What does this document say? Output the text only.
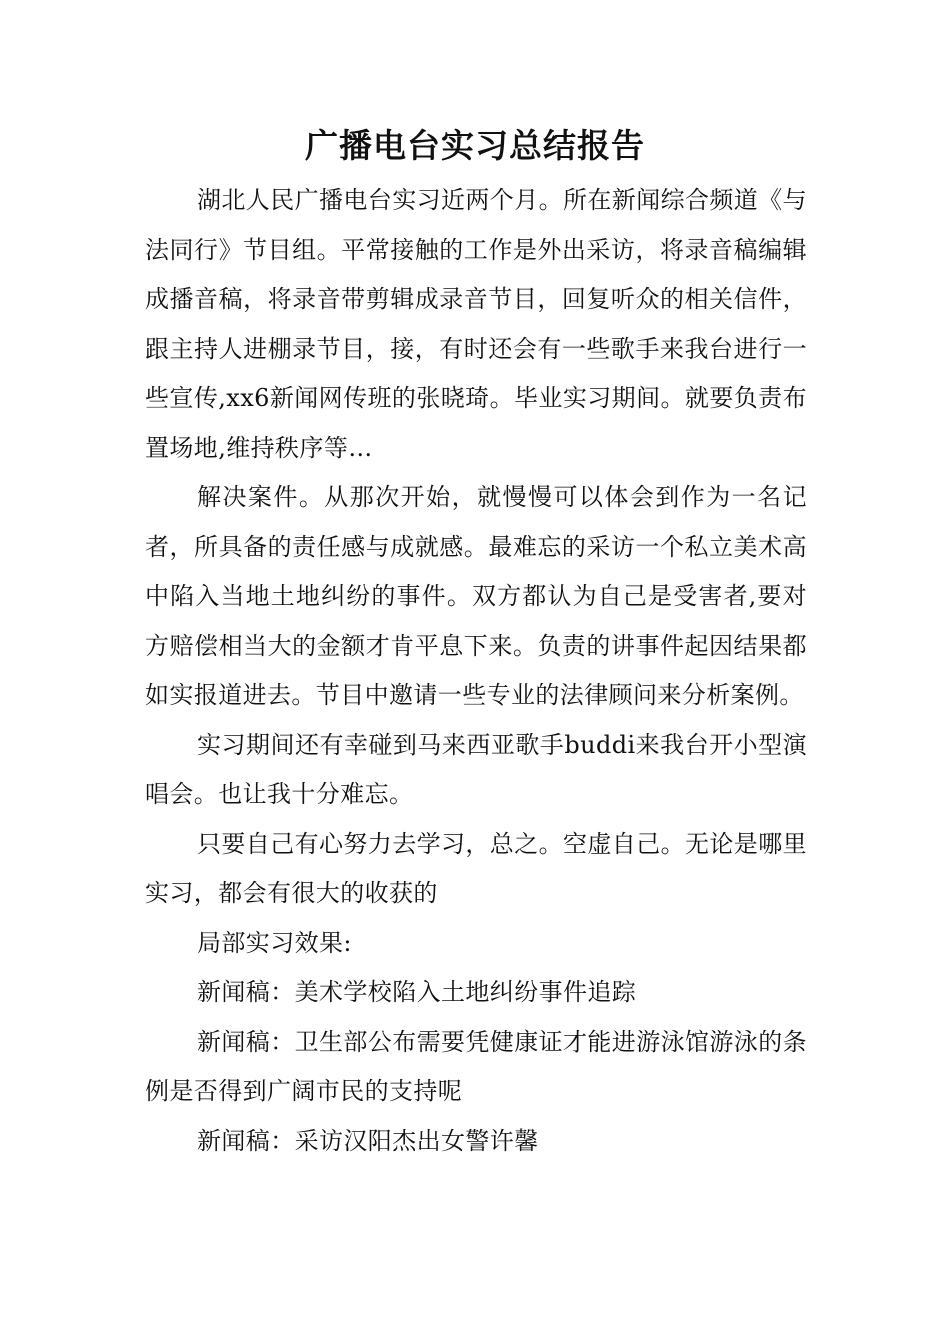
广播电台实习总结报告

湖北人民广播电台实习近两个月。所在新闻综合频道《与法同行》节目组。平常接触的工作是外出采访，将录音稿编辑成播音稿，将录音带剪辑成录音节目，回复听众的相关信件，跟主持人进棚录节目，接，有时还会有一些歌手来我台进行一些宣传,xx6新闻网传班的张晓琦。毕业实习期间。就要负责布置场地,维持秩序等…

解决案件。从那次开始，就慢慢可以体会到作为一名记者，所具备的责任感与成就感。最难忘的采访一个私立美术高中陷入当地土地纠纷的事件。双方都认为自己是受害者,要对方赔偿相当大的金额才肯平息下来。负责的讲事件起因结果都如实报道进去。节目中邀请一些专业的法律顾问来分析案例。

实习期间还有幸碰到马来西亚歌手buddi来我台开小型演唱会。也让我十分难忘。

只要自己有心努力去学习，总之。空虚自己。无论是哪里实习，都会有很大的收获的

局部实习效果:

新闻稿：美术学校陷入土地纠纷事件追踪

新闻稿：卫生部公布需要凭健康证才能进游泳馆游泳的条例是否得到广阔市民的支持呢

新闻稿：采访汉阳杰出女警许馨
